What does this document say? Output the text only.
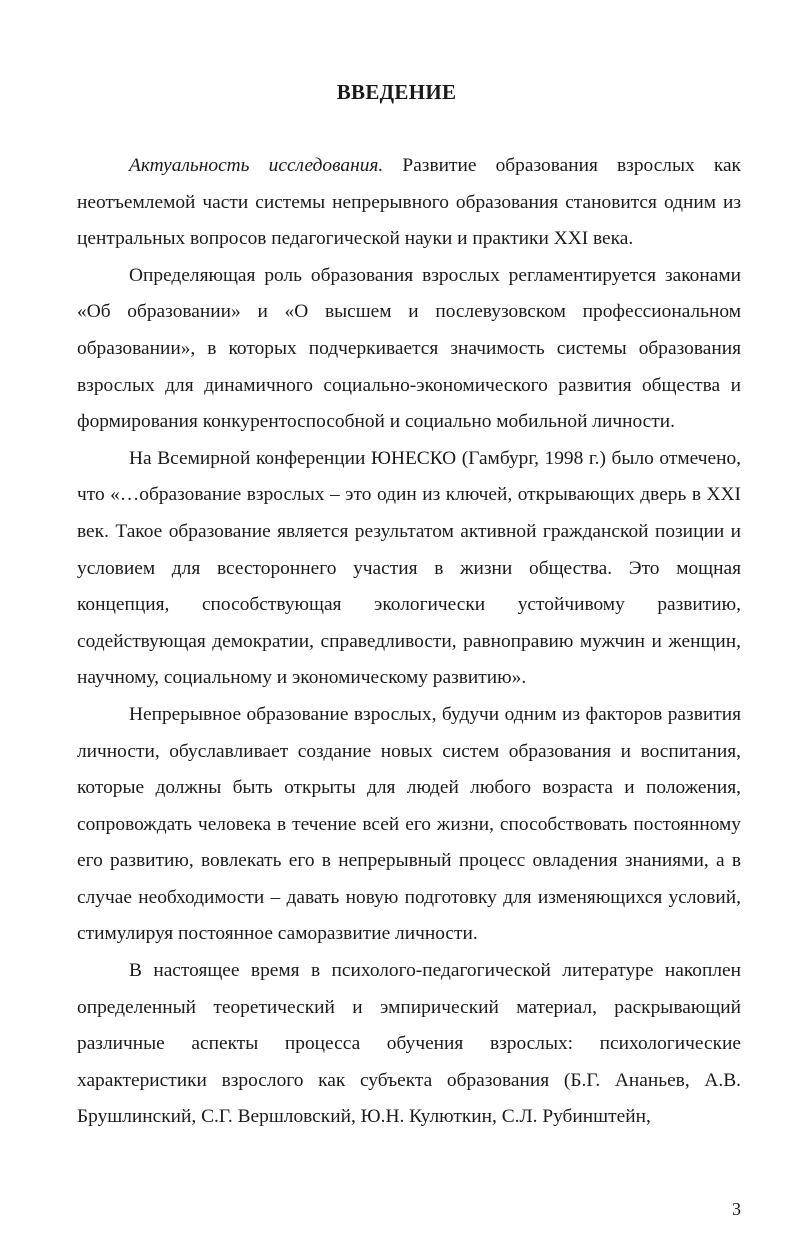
ВВЕДЕНИЕ

Актуальность исследования. Развитие образования взрослых как неотъемлемой части системы непрерывного образования становится одним из центральных вопросов педагогической науки и практики XXI века.

Определяющая роль образования взрослых регламентируется законами «Об образовании» и «О высшем и послевузовском профессиональном образовании», в которых подчеркивается значимость системы образования взрослых для динамичного социально-экономического развития общества и формирования конкурентоспособной и социально мобильной личности.

На Всемирной конференции ЮНЕСКО (Гамбург, 1998 г.) было отмечено, что «…образование взрослых – это один из ключей, открывающих дверь в XXI век. Такое образование является результатом активной гражданской позиции и условием для всестороннего участия в жизни общества. Это мощная концепция, способствующая экологически устойчивому развитию, содействующая демократии, справедливости, равноправию мужчин и женщин, научному, социальному и экономическому развитию».

Непрерывное образование взрослых, будучи одним из факторов развития личности, обуславливает создание новых систем образования и воспитания, которые должны быть открыты для людей любого возраста и положения, сопровождать человека в течение всей его жизни, способствовать постоянному его развитию, вовлекать его в непрерывный процесс овладения знаниями, а в случае необходимости – давать новую подготовку для изменяющихся условий, стимулируя постоянное саморазвитие личности.

В настоящее время в психолого-педагогической литературе накоплен определенный теоретический и эмпирический материал, раскрывающий различные аспекты процесса обучения взрослых: психологические характеристики взрослого как субъекта образования (Б.Г. Ананьев, А.В. Брушлинский, С.Г. Вершловский, Ю.Н. Кулюткин, С.Л. Рубинштейн,

3
